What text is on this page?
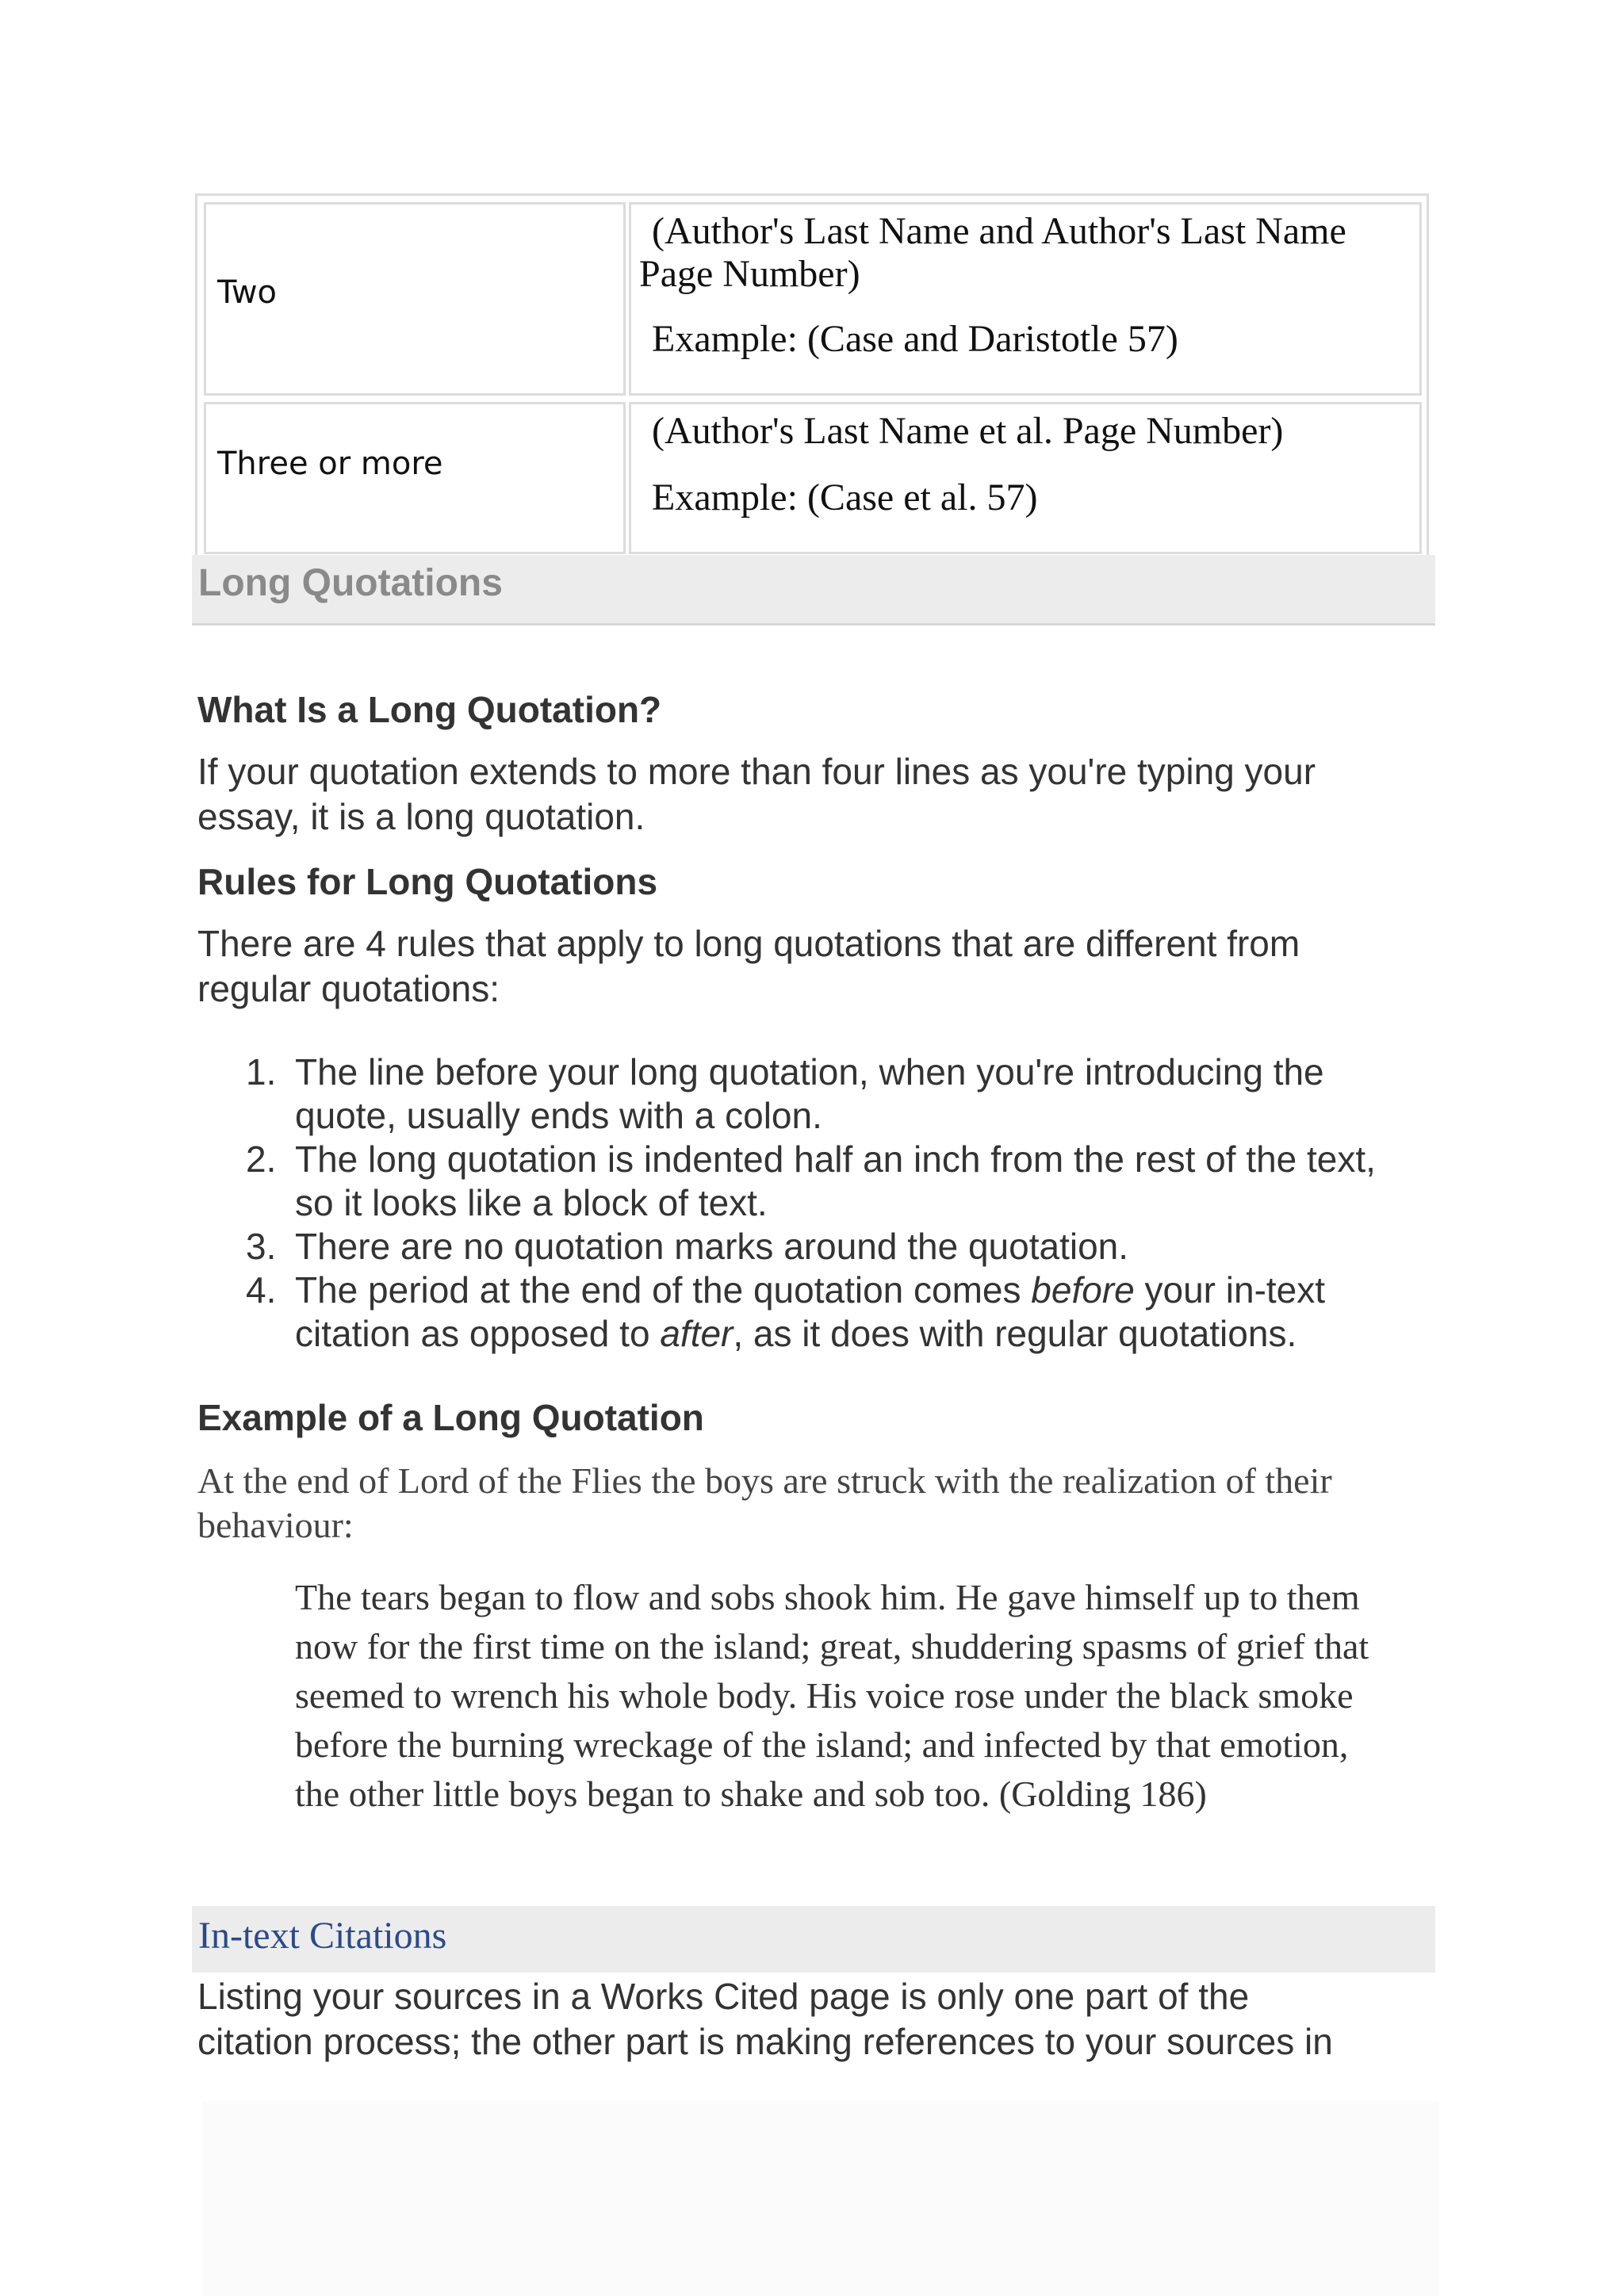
Two
(Author's Last Name and Author's Last Name
Page Number)
Example: (Case and Daristotle 57)
Three or more
(Author's Last Name et al. Page Number)
Example: (Case et al. 57)
Long Quotations
What Is a Long Quotation?
If your quotation extends to more than four lines as you're typing your
essay, it is a long quotation.
Rules for Long Quotations
There are 4 rules that apply to long quotations that are different from
regular quotations:
1. The line before your long quotation, when you're introducing the
quote, usually ends with a colon.
2. The long quotation is indented half an inch from the rest of the text,
so it looks like a block of text.
3. There are no quotation marks around the quotation.
4. The period at the end of the quotation comes before your in-text
citation as opposed to after, as it does with regular quotations.
Example of a Long Quotation
At the end of Lord of the Flies the boys are struck with the realization of their
behaviour:
The tears began to flow and sobs shook him. He gave himself up to them
now for the first time on the island; great, shuddering spasms of grief that
seemed to wrench his whole body. His voice rose under the black smoke
before the burning wreckage of the island; and infected by that emotion,
the other little boys began to shake and sob too. (Golding 186)
In-text Citations
Listing your sources in a Works Cited page is only one part of the
citation process; the other part is making references to your sources in
